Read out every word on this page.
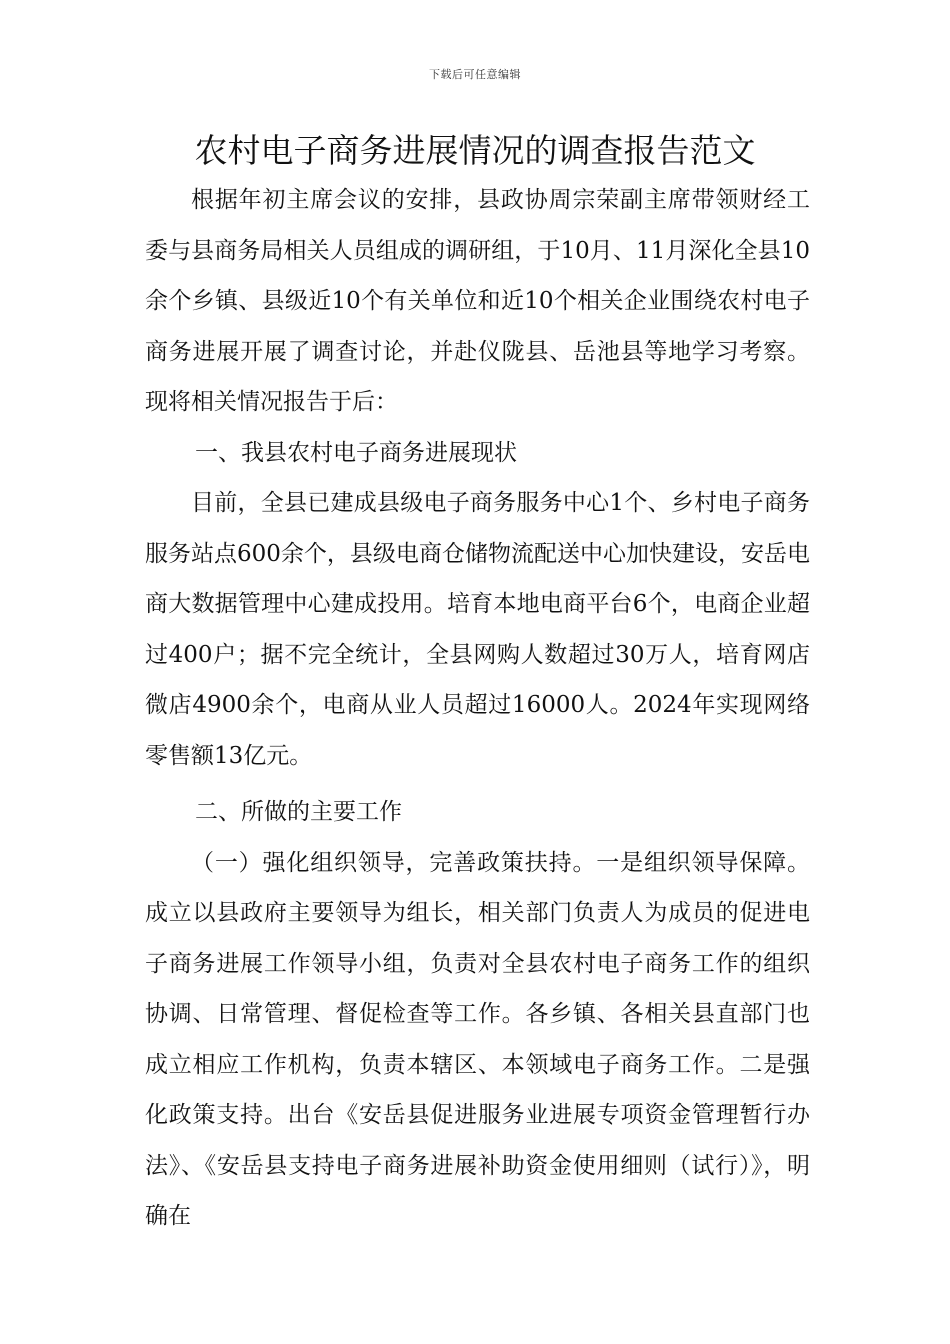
下载后可任意编辑
农村电子商务进展情况的调查报告范文

根据年初主席会议的安排，县政协周宗荣副主席带领财经工委与县商务局相关人员组成的调研组，于10月、11月深化全县10余个乡镇、县级近10个有关单位和近10个相关企业围绕农村电子商务进展开展了调查讨论，并赴仪陇县、岳池县等地学习考察。现将相关情况报告于后：

一、我县农村电子商务进展现状

目前，全县已建成县级电子商务服务中心1个、乡村电子商务服务站点600余个，县级电商仓储物流配送中心加快建设，安岳电商大数据管理中心建成投用。培育本地电商平台6个，电商企业超过400户；据不完全统计，全县网购人数超过30万人，培育网店微店4900余个，电商从业人员超过16000人。2024年实现网络零售额13亿元。

二、所做的主要工作

（一）强化组织领导，完善政策扶持。一是组织领导保障。成立以县政府主要领导为组长，相关部门负责人为成员的促进电子商务进展工作领导小组，负责对全县农村电子商务工作的组织协调、日常管理、督促检查等工作。各乡镇、各相关县直部门也成立相应工作机构，负责本辖区、本领域电子商务工作。二是强化政策支持。出台《安岳县促进服务业进展专项资金管理暂行办法》、《安岳县支持电子商务进展补助资金使用细则（试行）》，明确在
